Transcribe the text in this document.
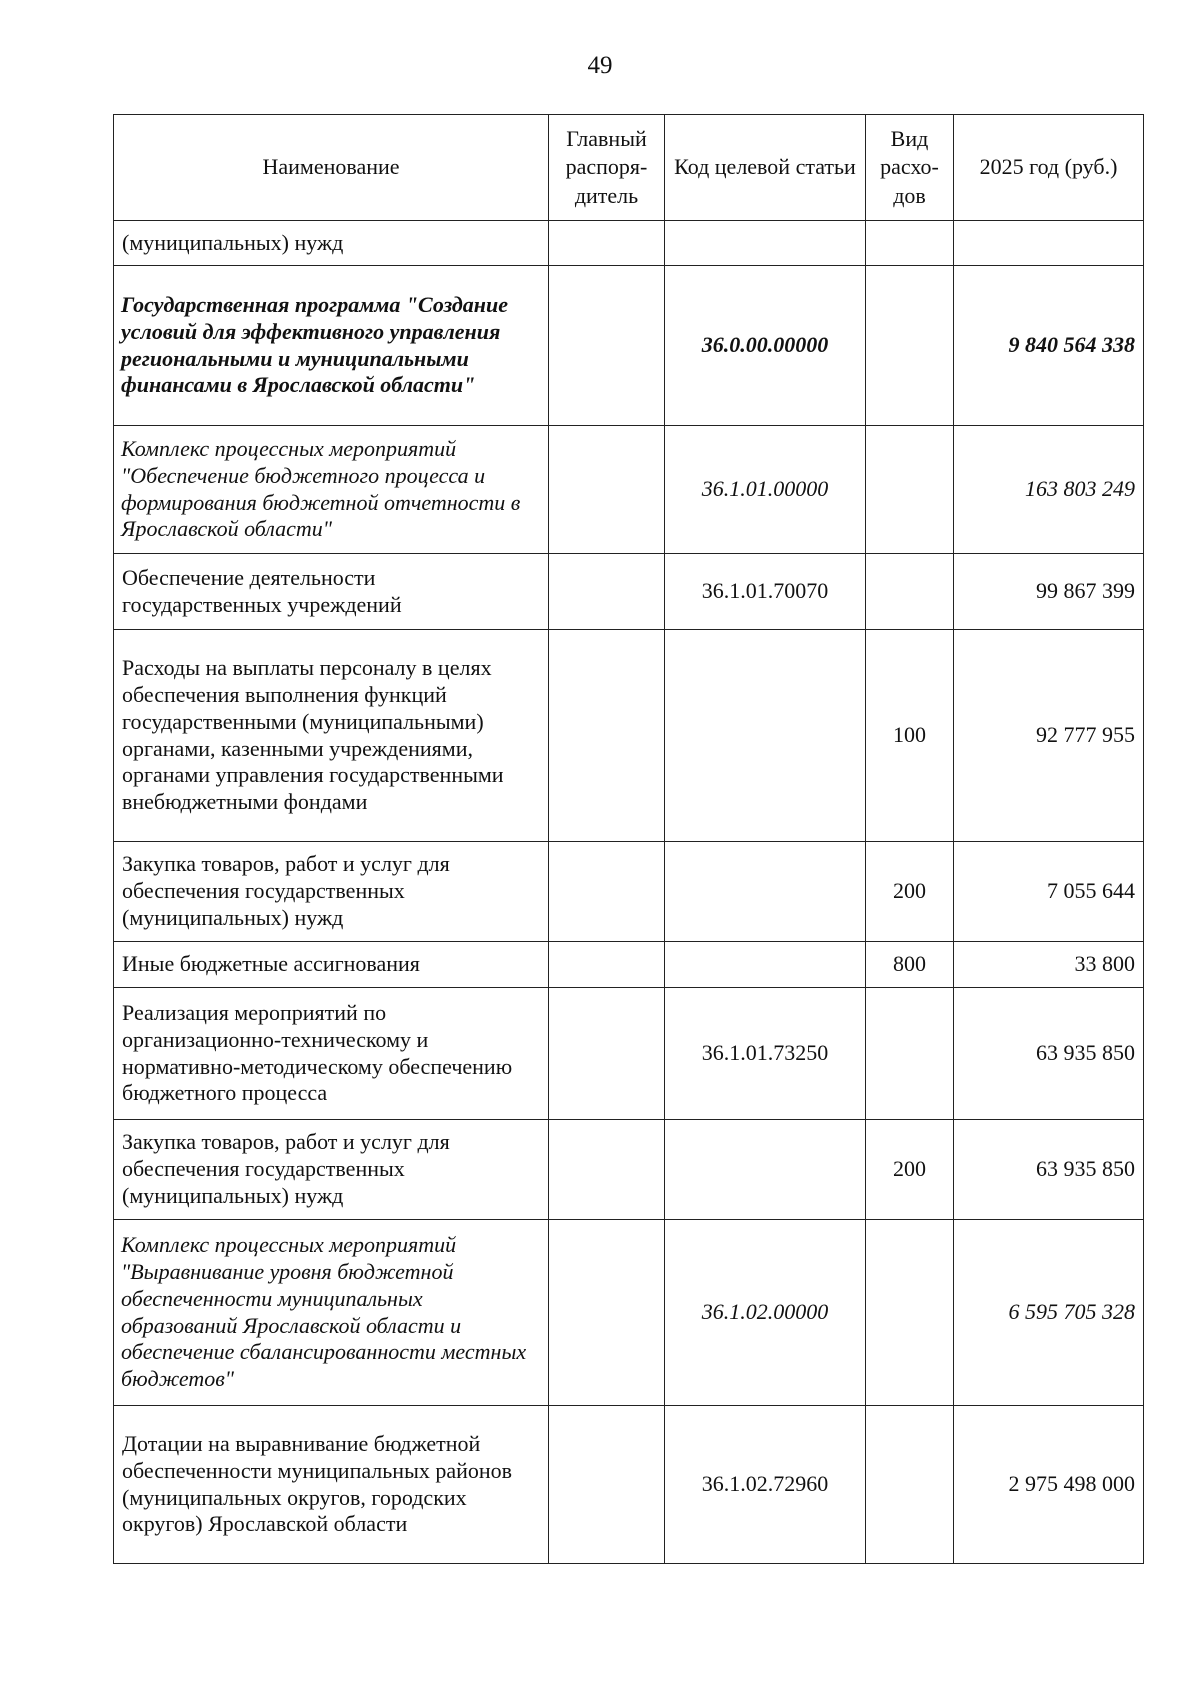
49
Наименование	Главный распоря-дитель	Код целевой статьи	Вид расхо-дов	2025 год (руб.)
(муниципальных) нужд				
Государственная программа "Создание условий для эффективного управления региональными и муниципальными финансами в Ярославской области"		36.0.00.00000		9 840 564 338
Комплекс процессных мероприятий "Обеспечение бюджетного процесса и формирования бюджетной отчетности в Ярославской области"		36.1.01.00000		163 803 249
Обеспечение деятельности государственных учреждений		36.1.01.70070		99 867 399
Расходы на выплаты персоналу в целях обеспечения выполнения функций государственными (муниципальными) органами, казенными учреждениями, органами управления государственными внебюджетными фондами			100	92 777 955
Закупка товаров, работ и услуг для обеспечения государственных (муниципальных) нужд			200	7 055 644
Иные бюджетные ассигнования			800	33 800
Реализация мероприятий по организационно-техническому и нормативно-методическому обеспечению бюджетного процесса		36.1.01.73250		63 935 850
Закупка товаров, работ и услуг для обеспечения государственных (муниципальных) нужд			200	63 935 850
Комплекс процессных мероприятий "Выравнивание уровня бюджетной обеспеченности муниципальных образований Ярославской области и обеспечение сбалансированности местных бюджетов"		36.1.02.00000		6 595 705 328
Дотации на выравнивание бюджетной обеспеченности муниципальных районов (муниципальных округов, городских округов) Ярославской области		36.1.02.72960		2 975 498 000
